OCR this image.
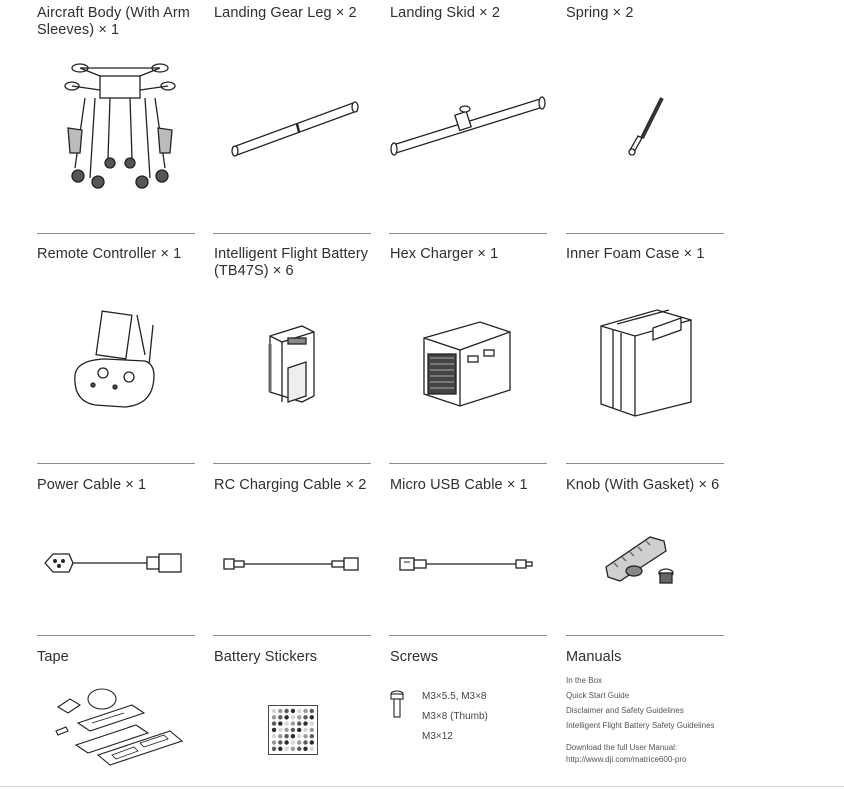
Aircraft Body (With Arm Sleeves) × 1
Landing Gear Leg × 2	Landing Skid × 2	Spring × 2
Remote Controller × 1	Intelligent Flight Battery (TB47S) × 6
Hex Charger × 1	Inner Foam Case × 1
Power Cable × 1	RC Charging Cable × 2	Micro USB Cable × 1	Knob (With Gasket) × 6
Tape	Battery Stickers	Screws	Manuals
M3×5.5, M3×8
M3×8 (Thumb)
M3×12
In the Box
Quick Start Guide
Disclaimer and Safety Guidelines
Intelligent Flight Battery Safety Guidelines
Download the full User Manual:
http://www.dji.com/matrice600-pro
